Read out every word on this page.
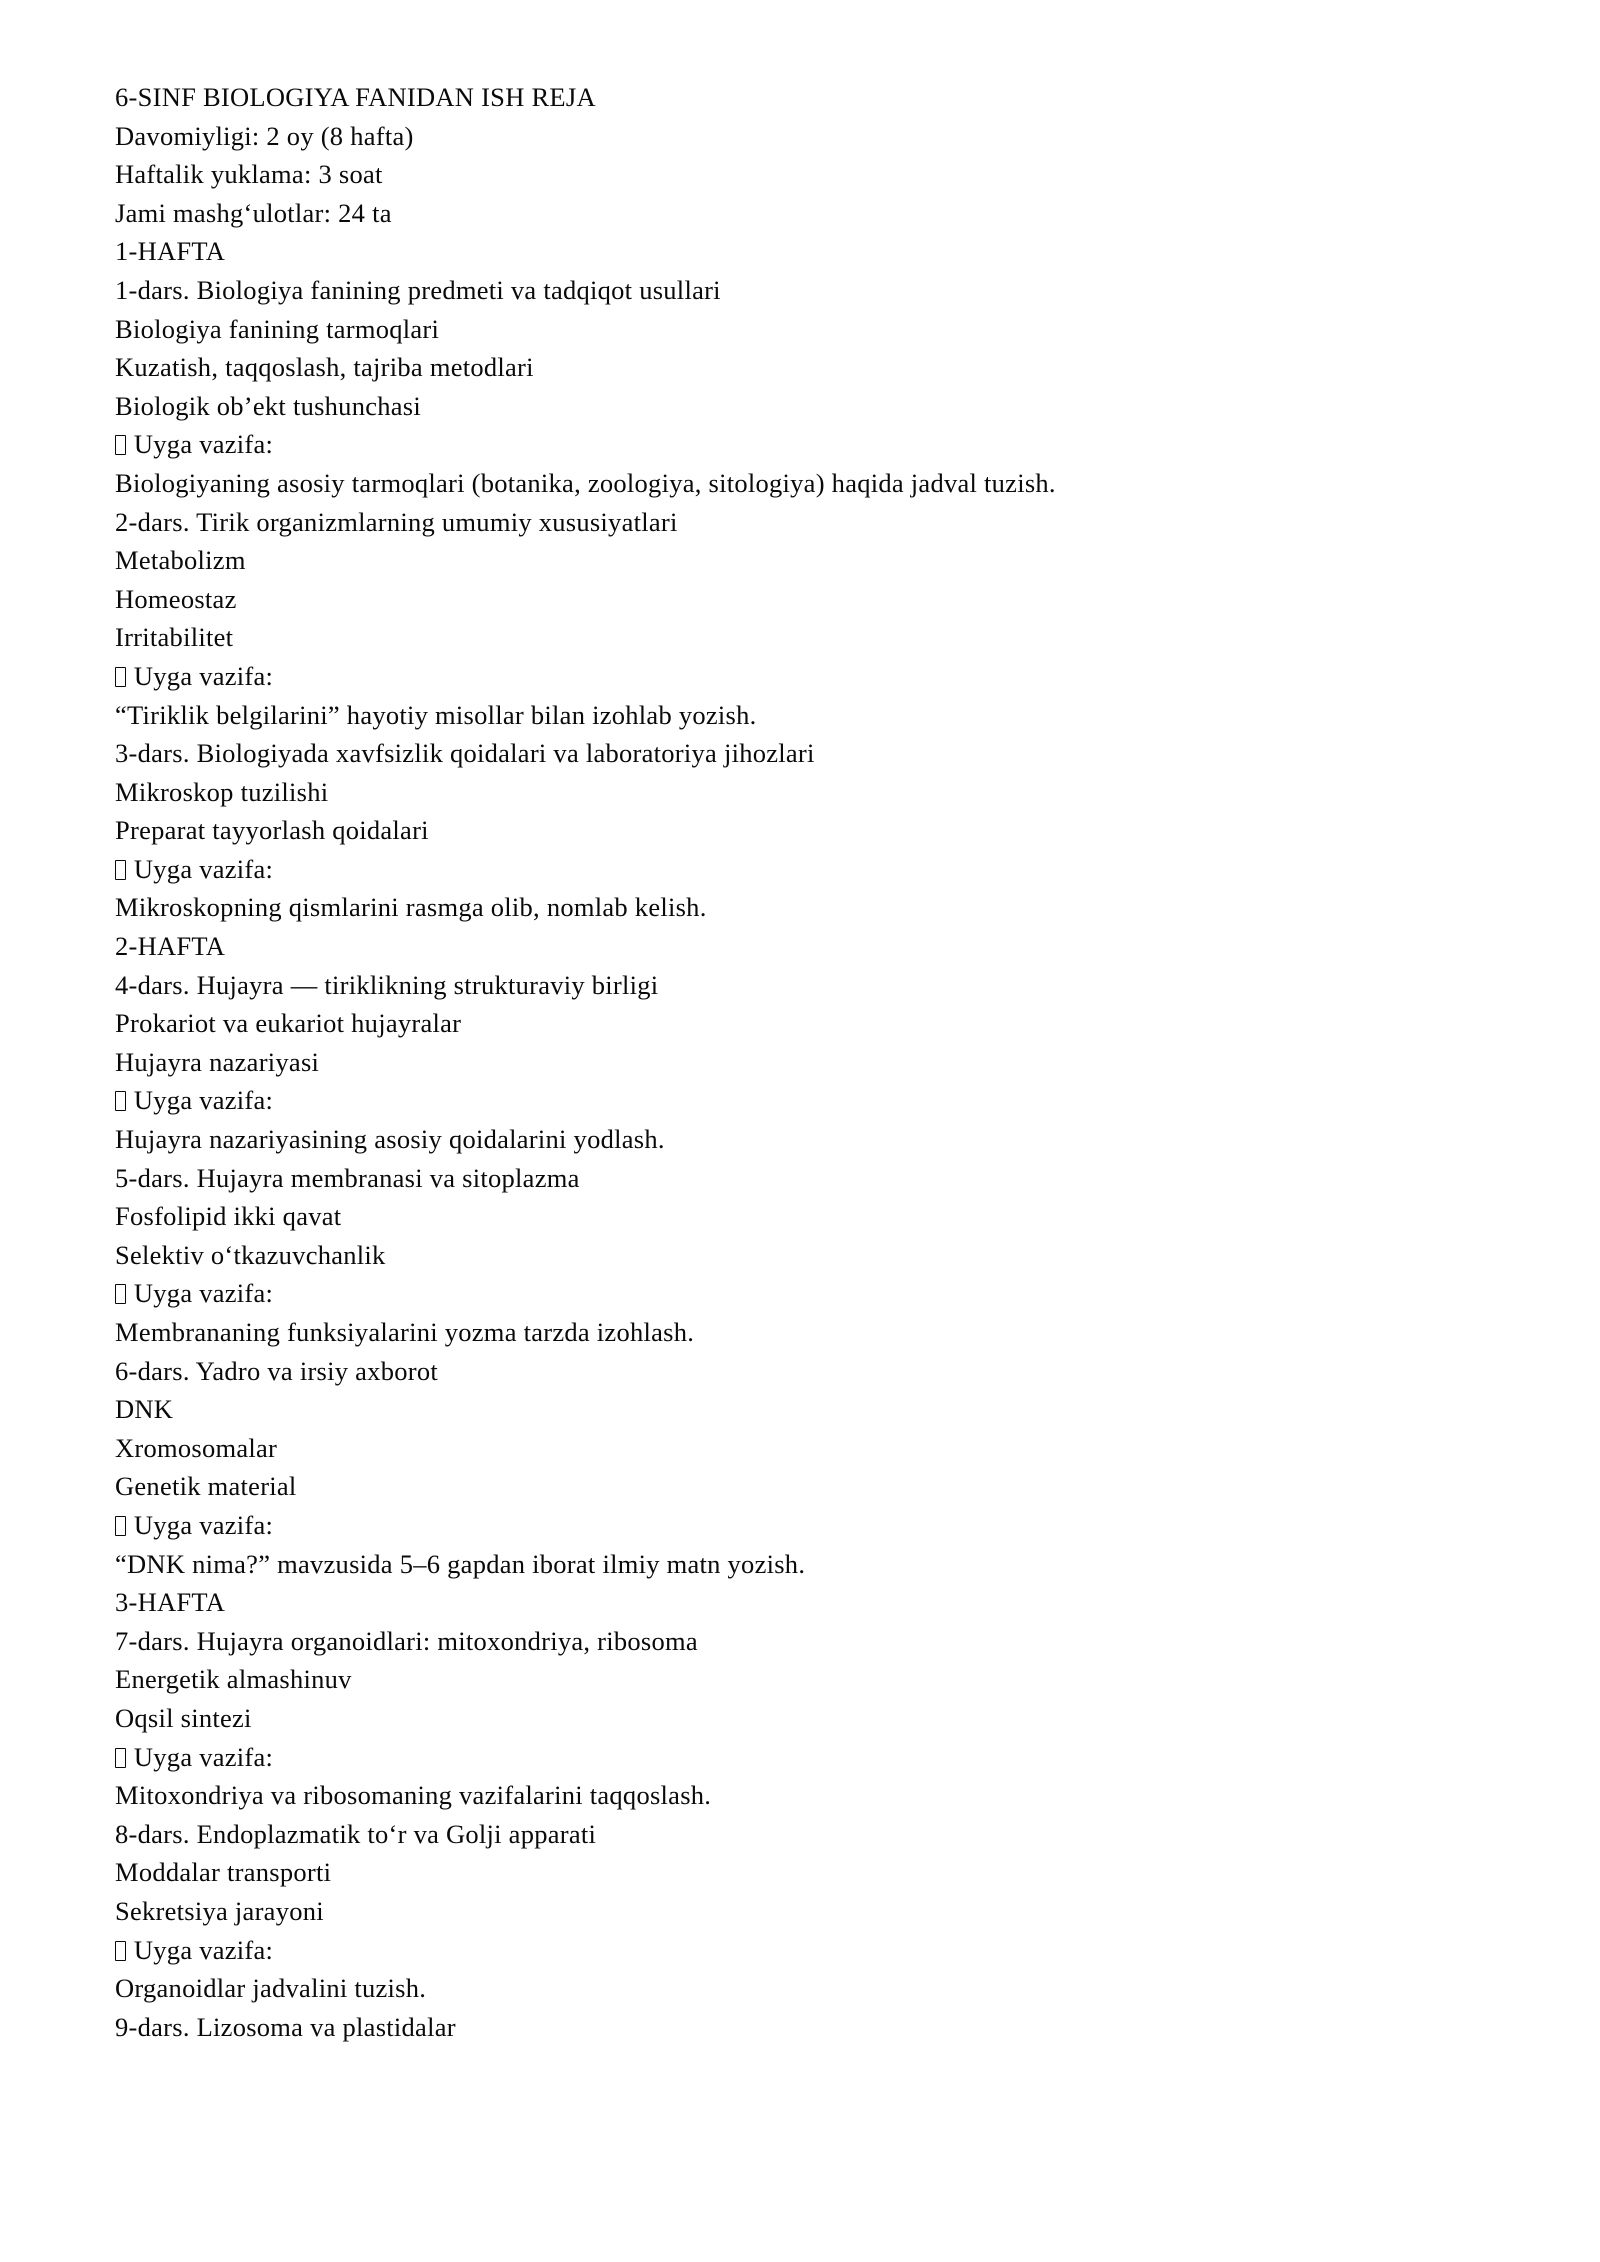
6-SINF BIOLOGIYA FANIDAN ISH REJA
Davomiyligi: 2 oy (8 hafta)
Haftalik yuklama: 3 soat
Jami mashg‘ulotlar: 24 ta
1-HAFTA
1-dars. Biologiya fanining predmeti va tadqiqot usullari
Biologiya fanining tarmoqlari
Kuzatish, taqqoslash, tajriba metodlari
Biologik ob’ekt tushunchasi
Uyga vazifa:
Biologiyaning asosiy tarmoqlari (botanika, zoologiya, sitologiya) haqida jadval tuzish.
2-dars. Tirik organizmlarning umumiy xususiyatlari
Metabolizm
Homeostaz
Irritabilitet
Uyga vazifa:
“Tiriklik belgilarini” hayotiy misollar bilan izohlab yozish.
3-dars. Biologiyada xavfsizlik qoidalari va laboratoriya jihozlari
Mikroskop tuzilishi
Preparat tayyorlash qoidalari
Uyga vazifa:
Mikroskopning qismlarini rasmga olib, nomlab kelish.
2-HAFTA
4-dars. Hujayra — tiriklikning strukturaviy birligi
Prokariot va eukariot hujayralar
Hujayra nazariyasi
Uyga vazifa:
Hujayra nazariyasining asosiy qoidalarini yodlash.
5-dars. Hujayra membranasi va sitoplazma
Fosfolipid ikki qavat
Selektiv o‘tkazuvchanlik
Uyga vazifa:
Membrananing funksiyalarini yozma tarzda izohlash.
6-dars. Yadro va irsiy axborot
DNK
Xromosomalar
Genetik material
Uyga vazifa:
“DNK nima?” mavzusida 5–6 gapdan iborat ilmiy matn yozish.
3-HAFTA
7-dars. Hujayra organoidlari: mitoxondriya, ribosoma
Energetik almashinuv
Oqsil sintezi
Uyga vazifa:
Mitoxondriya va ribosomaning vazifalarini taqqoslash.
8-dars. Endoplazmatik to‘r va Golji apparati
Moddalar transporti
Sekretsiya jarayoni
Uyga vazifa:
Organoidlar jadvalini tuzish.
9-dars. Lizosoma va plastidalar
